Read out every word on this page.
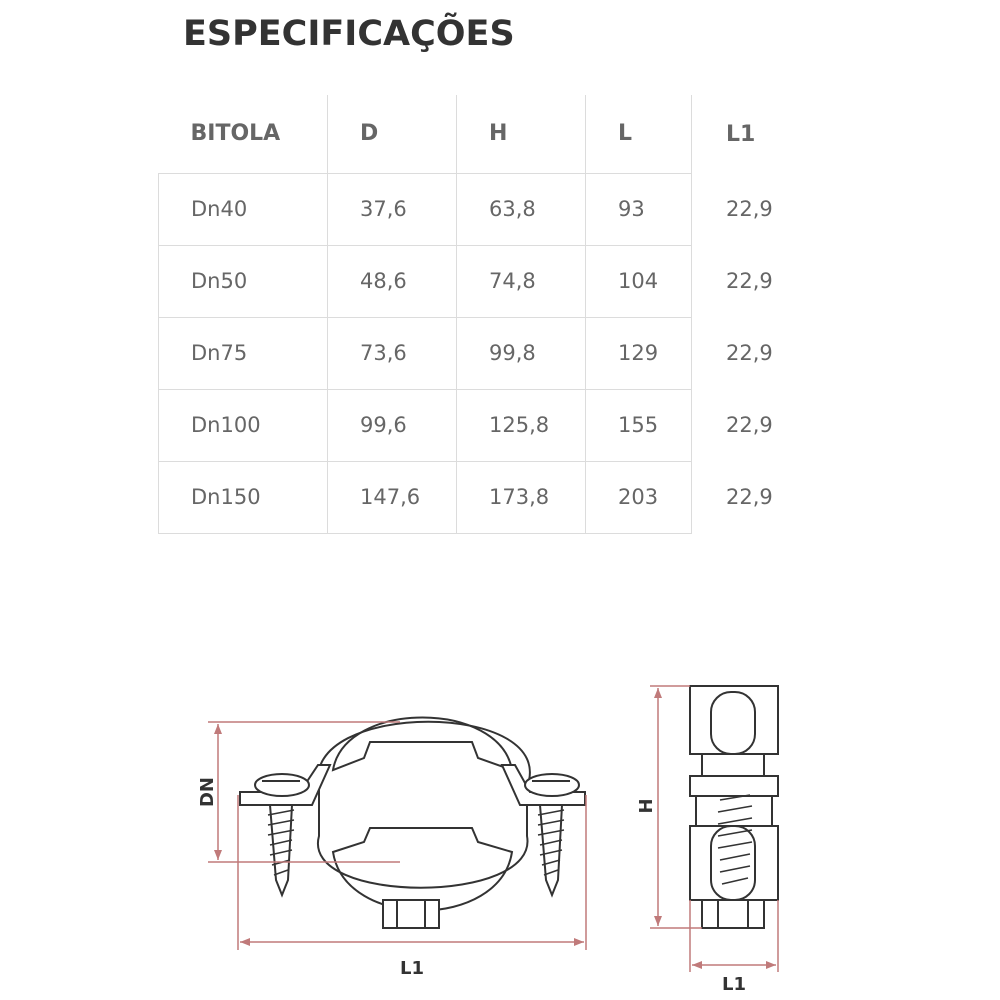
ESPECIFICAÇÕES
BITOLA	D	H	L	L1
Dn40	37,6	63,8	93	22,9
Dn50	48,6	74,8	104	22,9
Dn75	73,6	99,8	129	22,9
Dn100	99,6	125,8	155	22,9
Dn150	147,6	173,8	203	22,9
DN
L1
H
L1
